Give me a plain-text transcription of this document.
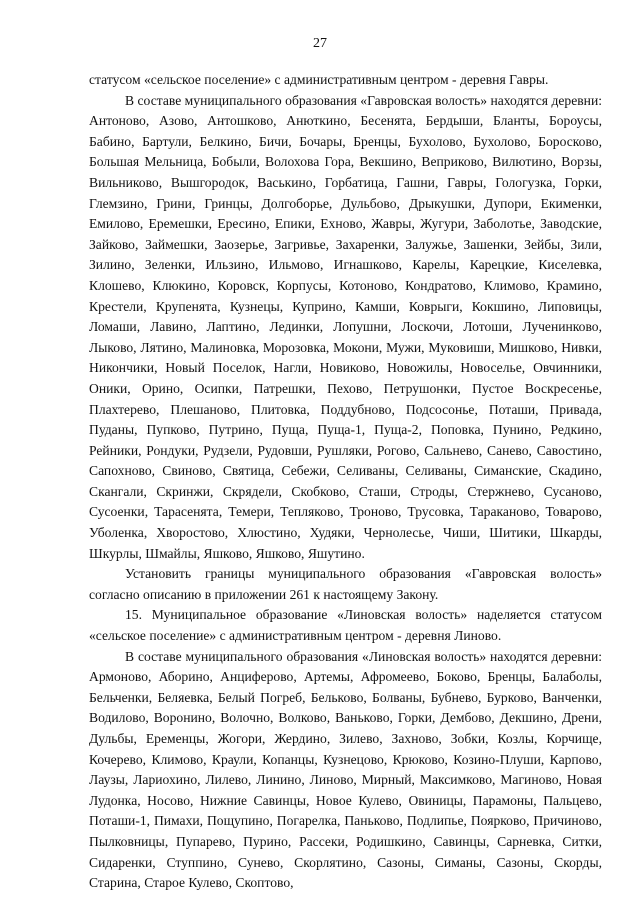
27

статусом «сельское поселение» с административным центром - деревня Гавры.

В составе муниципального образования «Гавровская волость» находятся деревни: Антоново, Азово, Антошково, Анюткино, Бесенята, Бердыши, Бланты, Бороусы, Бабино, Бартули, Белкино, Бичи, Бочары, Бренцы, Бухолово, Бухолово, Боросково, Большая Мельница, Бобыли, Волохова Гора, Векшино, Веприково, Вилютино, Ворзы, Вильниково, Вышгородок, Васькино, Горбатица, Гашни, Гавры, Гологузка, Горки, Глемзино, Грини, Гринцы, Долгоборье, Дульбово, Дрыкушки, Дупори, Екименки, Емилово, Еремешки, Ересино, Епики, Ехново, Жавры, Жугури, Заболотье, Заводские, Зайково, Займешки, Заозерье, Загривье, Захаренки, Залужье, Зашенки, Зейбы, Зили, Зилино, Зеленки, Ильзино, Ильмово, Игнашково, Карелы, Карецкие, Киселевка, Клошево, Клюкино, Коровск, Корпусы, Котоново, Кондратово, Климово, Крамино, Крестели, Крупенята, Кузнецы, Куприно, Камши, Коврыги, Кокшино, Липовицы, Ломаши, Лавино, Лаптино, Лединки, Лопушни, Лоскочи, Лотоши, Лученинково, Лыково, Лятино, Малиновка, Морозовка, Мокони, Мужи, Муковиши, Мишково, Нивки, Никончики, Новый Поселок, Нагли, Новиково, Новожилы, Новоселье, Овчинники, Оники, Орино, Осипки, Патрешки, Пехово, Петрушонки, Пустое Воскресенье, Плахтерево, Плешаново, Плитовка, Поддубново, Подсосонье, Поташи, Привада, Пуданы, Пупково, Путрино, Пуща, Пуща-1, Пуща-2, Поповка, Пунино, Редкино, Рейники, Рондуки, Рудзели, Рудовши, Рушляки, Рогово, Сальнево, Санево, Савостино, Сапохново, Свиново, Святица, Себежи, Селиваны, Селиваны, Симанские, Скадино, Скангали, Скринжи, Скрядели, Скобково, Сташи, Строды, Стержнево, Сусаново, Сусоенки, Тарасенята, Темери, Тепляково, Троново, Трусовка, Тараканово, Товарово, Уболенка, Хворостово, Хлюстино, Худяки, Чернолесье, Чиши, Шитики, Шкарды, Шкурлы, Шмайлы, Яшково, Яшково, Яшутино.

Установить границы муниципального образования «Гавровская волость» согласно описанию в приложении 261 к настоящему Закону.

15. Муниципальное образование «Линовская волость» наделяется статусом «сельское поселение» с административным центром - деревня Линово.

В составе муниципального образования «Линовская волость» находятся деревни: Армоново, Аборино, Анциферово, Артемы, Афромеево, Боково, Бренцы, Балаболы, Бельченки, Беляевка, Белый Погреб, Бельково, Болваны, Бубнево, Бурково, Ванченки, Водилово, Воронино, Волочно, Волково, Ванько​во, Горки, Дембово, Декшино, Дрени, Дульбы, Ерeменцы, Жогори, Жердино, Зилево, Захново, Зобки, Козлы, Корчище, Кочерево, Климово, Краули, Копанцы, Кузнецово, Крюково, Козино-Плуши, Карпово, Лаузы, Лариохино, Лилево, Линино, Линово, Мирный, Максимково, Магиново, Новая Лудонка, Носово, Нижние Савинцы, Новое Кулево, Овиницы, Парамоны, Пальцево, Поташи-1, Пимахи, Пощупино, Погарелка, Паньково, Подлипье, Поярково, Причиново, Пылковницы, Пупарево, Пурино, Рассеки, Родишкино, Савинцы, Сарневка, Ситки, Сидаренки, Ступпино, Сунево, Скорлятино, Сазоны, Симаны, Сазоны, Скорды, Старина, Старое Кулево, Скоптово,
